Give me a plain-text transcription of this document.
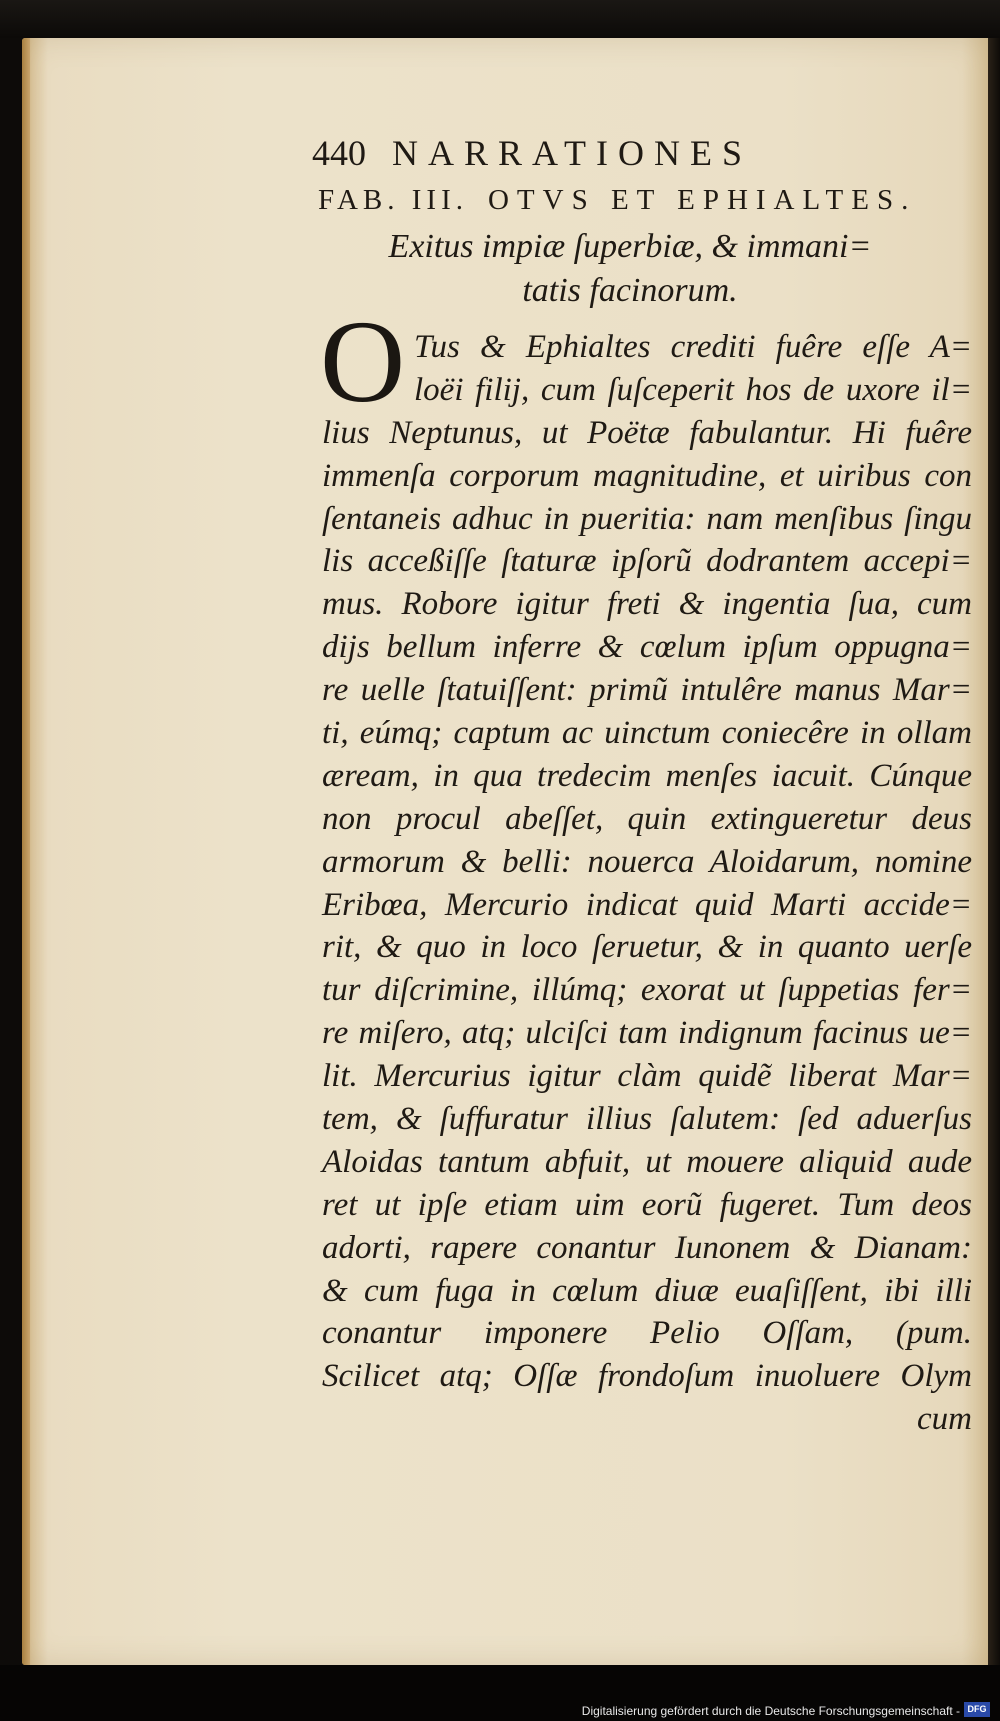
440 NARRATIONES
FAB. III. OTVS ET EPHIALTES.
Exitus impiæ ſuperbiæ, & immani=
tatis facinorum.
O Tus & Ephialtes crediti fuêre eſſe A=
loëi filij, cum ſuſceperit hos de uxore il=
lius Neptunus, ut Poëtæ fabulantur. Hi fuêre
immenſa corporum magnitudine, et uiribus con
ſentaneis adhuc in pueritia: nam menſibus ſingu
lis acceßiſſe ſtaturæ ipſorũ dodrantem accepi=
mus. Robore igitur freti & ingentia ſua, cum
dijs bellum inferre & cœlum ipſum oppugna=
re uelle ſtatuiſſent: primũ intulêre manus Mar=
ti, eúmq; captum ac uinctum coniecêre in ollam
æream, in qua tredecim menſes iacuit. Cúnque
non procul abeſſet, quin extingueretur deus
armorum & belli: nouerca Aloidarum, nomine
Eribœa, Mercurio indicat quid Marti accide=
rit, & quo in loco ſeruetur, & in quanto uerſe
tur diſcrimine, illúmq; exorat ut ſuppetias fer=
re miſero, atq; ulciſci tam indignum facinus ue=
lit. Mercurius igitur clàm quidẽ liberat Mar=
tem, & ſuffuratur illius ſalutem: ſed aduerſus
Aloidas tantum abfuit, ut mouere aliquid aude
ret ut ipſe etiam uim eorũ fugeret. Tum deos
adorti, rapere conantur Iunonem & Dianam:
& cum fuga in cœlum diuæ euaſiſſent, ibi illi
conantur imponere Pelio Oſſam, (pum.
Scilicet atq; Oſſæ frondoſum inuoluere Olym
cum
Digitalisierung gefördert durch die Deutsche Forschungsgemeinschaft - DFG
